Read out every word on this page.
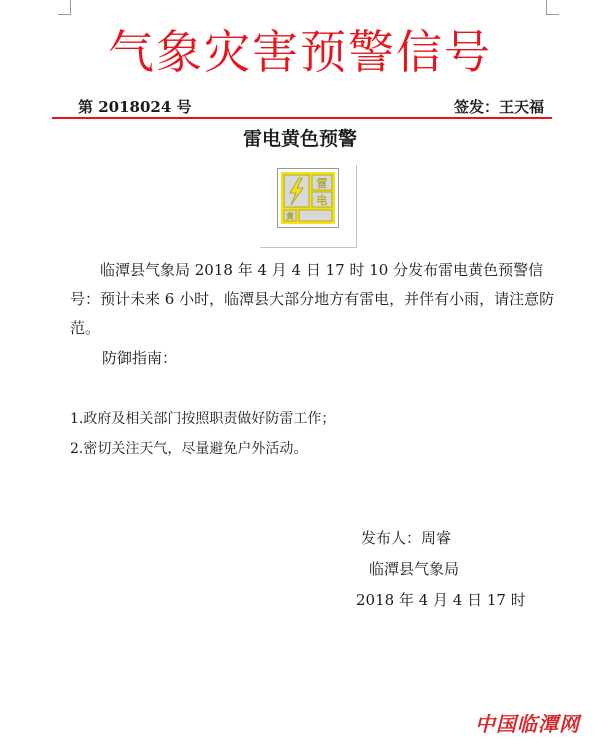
气象灾害预警信号
第 2018024 号	签发：王天福
雷电黄色预警
雷
电
黄

临潭县气象局 2018 年 4 月 4 日 17 时 10 分发布雷电黄色预警信号：预计未来 6 小时，临潭县大部分地方有雷电，并伴有小雨，请注意防范。

防御指南：
1.政府及相关部门按照职责做好防雷工作；
2.密切关注天气，尽量避免户外活动。
发布人：周睿
临潭县气象局
2018 年 4 月 4 日 17 时
中国临潭网
